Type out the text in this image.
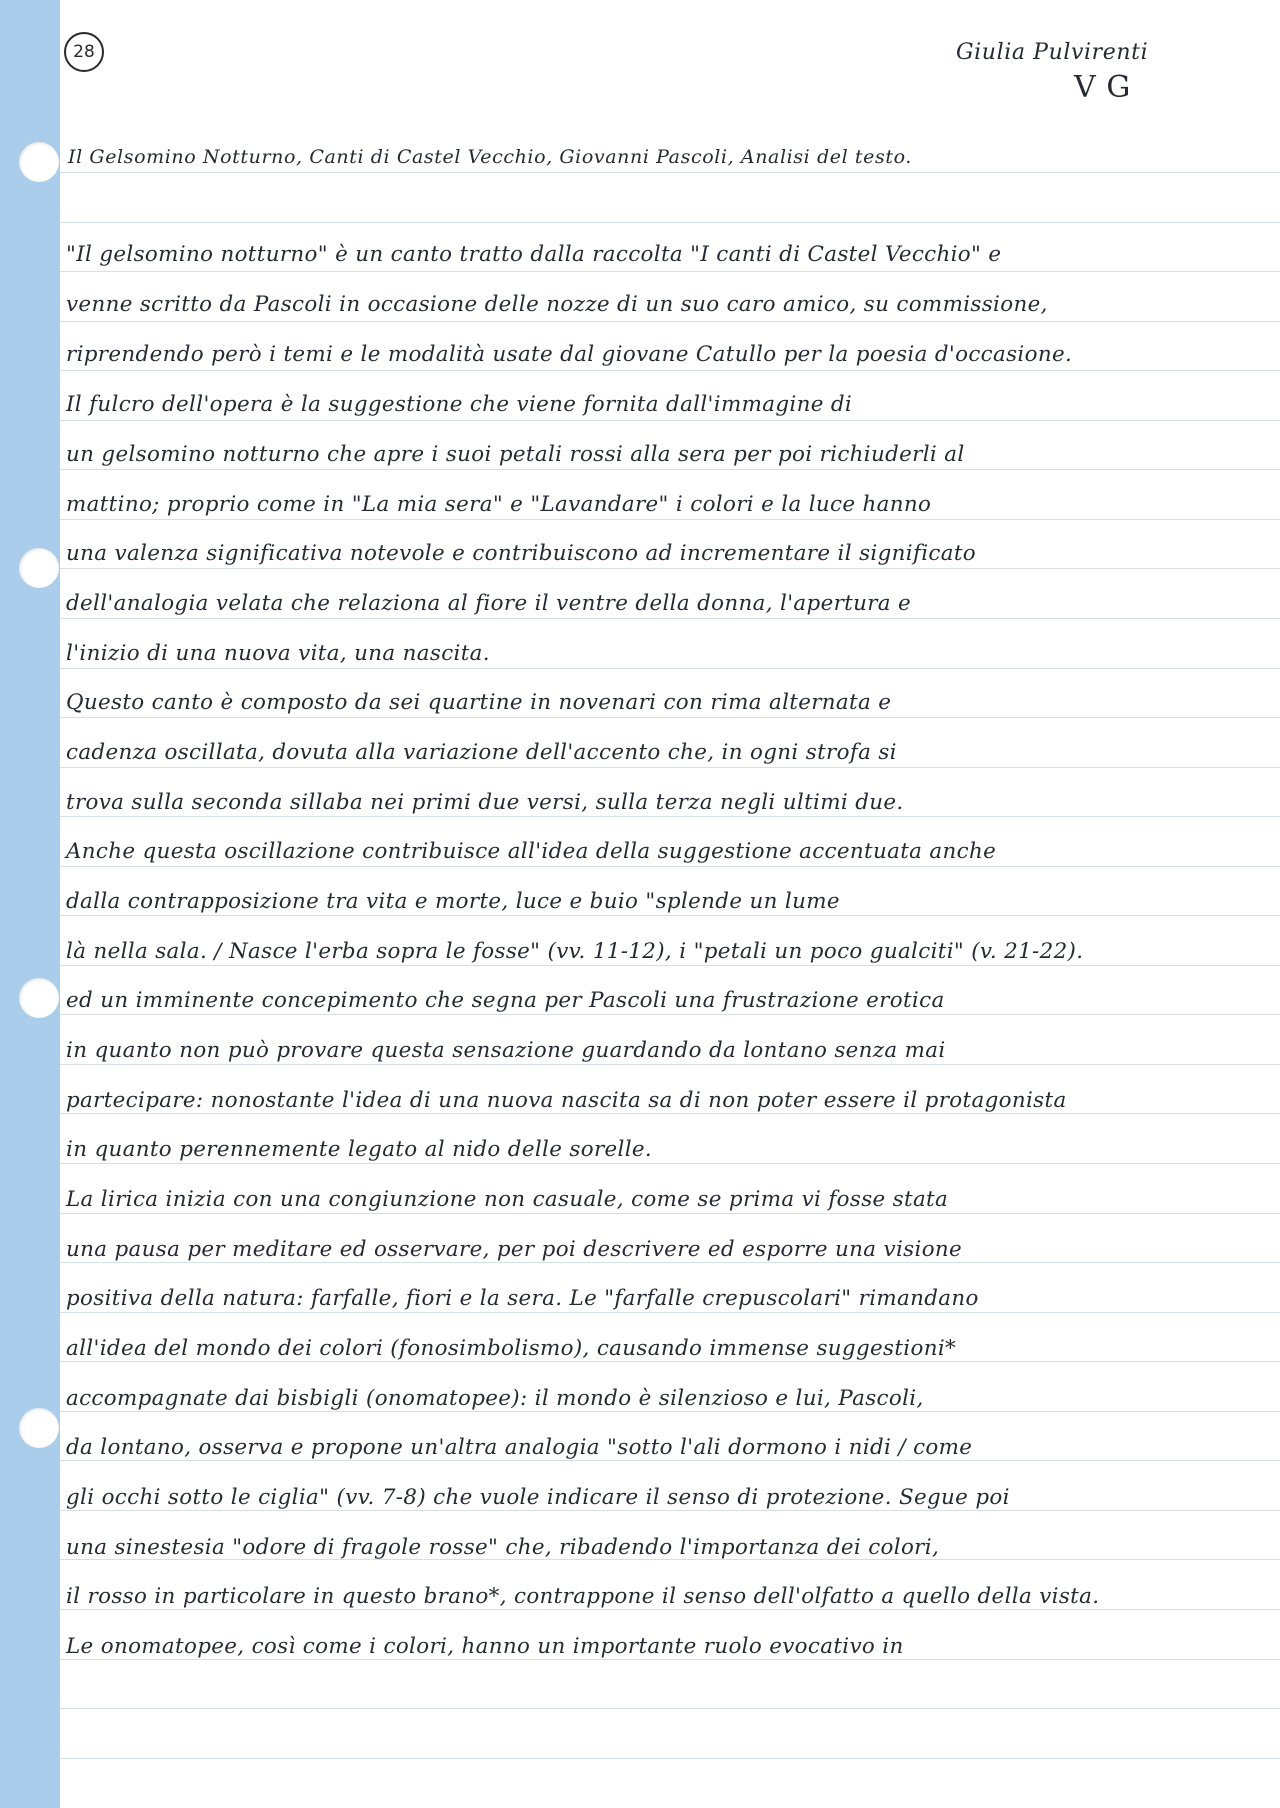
28	Giulia Pulvirenti
V G
Il Gelsomino Notturno, Canti di Castel Vecchio, Giovanni Pascoli, Analisi del testo.
"Il gelsomino notturno" è un canto tratto dalla raccolta "I canti di Castel Vecchio" e
venne scritto da Pascoli in occasione delle nozze di un suo caro amico, su commissione,
riprendendo però i temi e le modalità usate dal giovane Catullo per la poesia d'occasione.
Il fulcro dell'opera è la suggestione che viene fornita dall'immagine di
un gelsomino notturno che apre i suoi petali rossi alla sera per poi richiuderli al
mattino; proprio come in "La mia sera" e "Lavandare" i colori e la luce hanno
una valenza significativa notevole e contribuiscono ad incrementare il significato
dell'analogia velata che relaziona al fiore il ventre della donna, l'apertura e
l'inizio di una nuova vita, una nascita.
Questo canto è composto da sei quartine in novenari con rima alternata e
cadenza oscillata, dovuta alla variazione dell'accento che, in ogni strofa si
trova sulla seconda sillaba nei primi due versi, sulla terza negli ultimi due.
Anche questa oscillazione contribuisce all'idea della suggestione accentuata anche
dalla contrapposizione tra vita e morte, luce e buio "splende un lume
là nella sala. / Nasce l'erba sopra le fosse" (vv. 11-12), i "petali un poco gualciti" (v. 21-22).
ed un imminente concepimento che segna per Pascoli una frustrazione erotica
in quanto non può provare questa sensazione guardando da lontano senza mai
partecipare: nonostante l'idea di una nuova nascita sa di non poter essere il protagonista
in quanto perennemente legato al nido delle sorelle.
La lirica inizia con una congiunzione non casuale, come se prima vi fosse stata
una pausa per meditare ed osservare, per poi descrivere ed esporre una visione
positiva della natura: farfalle, fiori e la sera. Le "farfalle crepuscolari" rimandano
all'idea del mondo dei colori (fonosimbolismo), causando immense suggestioni*
accompagnate dai bisbigli (onomatopee): il mondo è silenzioso e lui, Pascoli,
da lontano, osserva e propone un'altra analogia "sotto l'ali dormono i nidi / come
gli occhi sotto le ciglia" (vv. 7-8) che vuole indicare il senso di protezione. Segue poi
una sinestesia "odore di fragole rosse" che, ribadendo l'importanza dei colori,
il rosso in particolare in questo brano*, contrappone il senso dell'olfatto a quello della vista.
Le onomatopee, così come i colori, hanno un importante ruolo evocativo in
